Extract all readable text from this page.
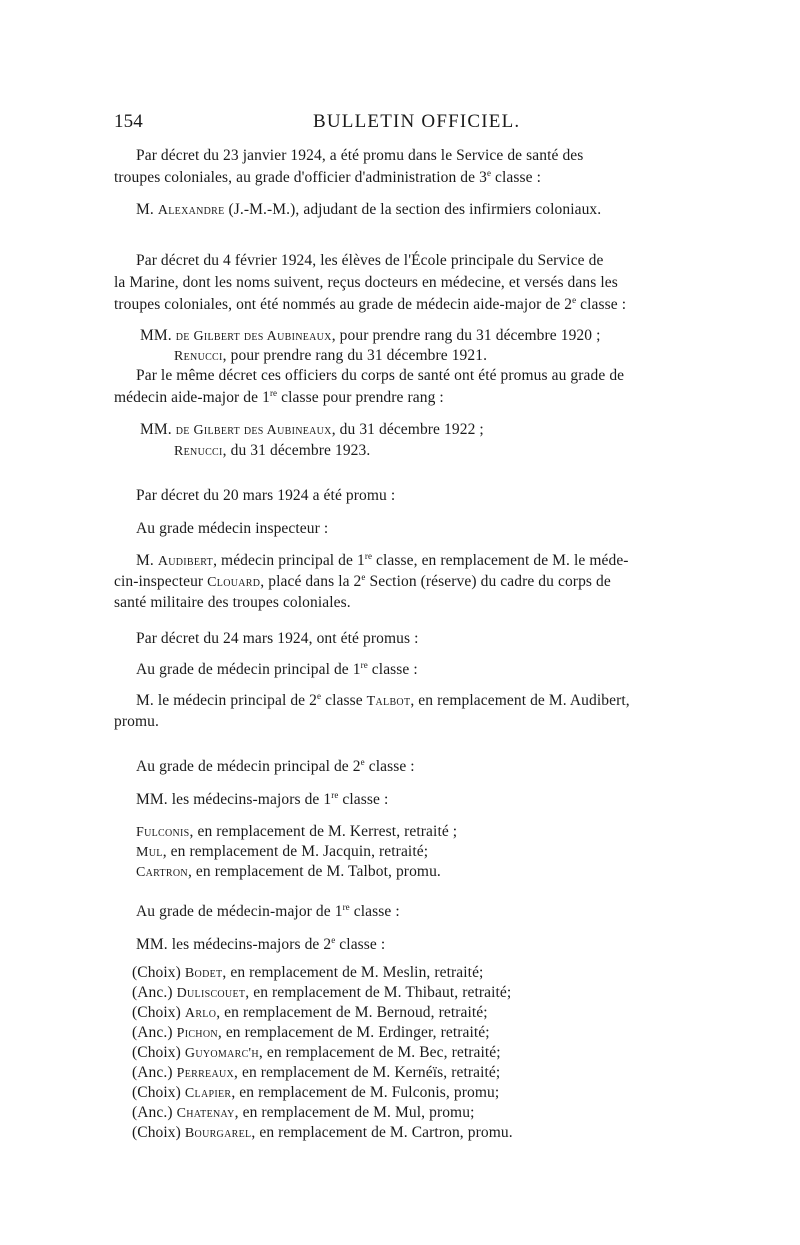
154	BULLETIN OFFICIEL.
Par décret du 23 janvier 1924, a été promu dans le Service de santé des
troupes coloniales, au grade d'officier d'administration de 3e classe :
M. Alexandre (J.-M.-M.), adjudant de la section des infirmiers coloniaux.
Par décret du 4 février 1924, les élèves de l'École principale du Service de
la Marine, dont les noms suivent, reçus docteurs en médecine, et versés dans les
troupes coloniales, ont été nommés au grade de médecin aide-major de 2e classe :
MM. de Gilbert des Aubineaux, pour prendre rang du 31 décembre 1920 ;
Renucci, pour prendre rang du 31 décembre 1921.
Par le même décret ces officiers du corps de santé ont été promus au grade de
médecin aide-major de 1re classe pour prendre rang :
MM. de Gilbert des Aubineaux, du 31 décembre 1922 ;
Renucci, du 31 décembre 1923.
Par décret du 20 mars 1924 a été promu :
Au grade médecin inspecteur :
M. Audibert, médecin principal de 1re classe, en remplacement de M. le méde-
cin-inspecteur Clouard, placé dans la 2e Section (réserve) du cadre du corps de
santé militaire des troupes coloniales.
Par décret du 24 mars 1924, ont été promus :
Au grade de médecin principal de 1re classe :
M. le médecin principal de 2e classe Talbot, en remplacement de M. Audibert,
promu.
Au grade de médecin principal de 2e classe :
MM. les médecins-majors de 1re classe :
Fulconis, en remplacement de M. Kerrest, retraité ;
Mul, en remplacement de M. Jacquin, retraité;
Cartron, en remplacement de M. Talbot, promu.
Au grade de médecin-major de 1re classe :
MM. les médecins-majors de 2e classe :
(Choix) Bodet, en remplacement de M. Meslin, retraité;
(Anc.) Duliscouet, en remplacement de M. Thibaut, retraité;
(Choix) Arlo, en remplacement de M. Bernoud, retraité;
(Anc.) Pichon, en remplacement de M. Erdinger, retraité;
(Choix) Guyomarc'h, en remplacement de M. Bec, retraité;
(Anc.) Perreaux, en remplacement de M. Kernéïs, retraité;
(Choix) Clapier, en remplacement de M. Fulconis, promu;
(Anc.) Chatenay, en remplacement de M. Mul, promu;
(Choix) Bourgarel, en remplacement de M. Cartron, promu.
